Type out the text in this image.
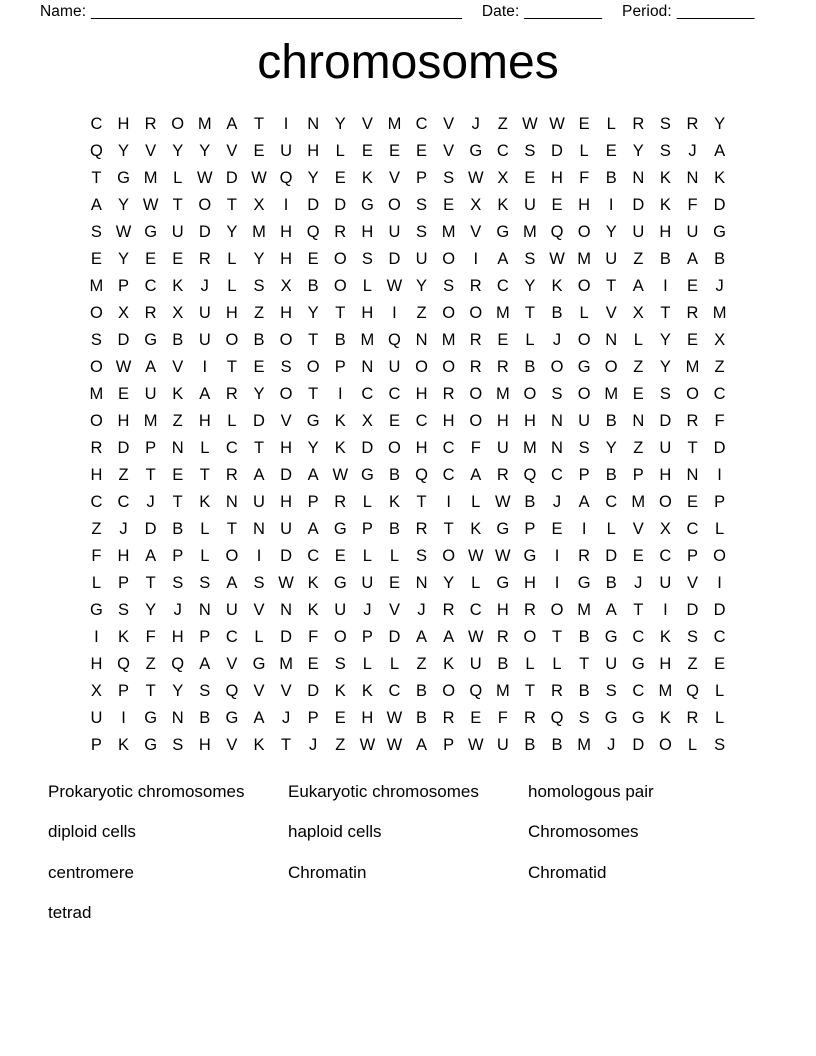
Name: ___________________________________________ Date: _________ Period: _________
chromosomes
C H R O M A	T	I	N Y V M C V	J	Z W W E	L	R S R Y
Q Y V Y Y V E U H	L	E E E V G C S D	L	E Y S	J	A
T G M L W D W Q Y E K V P S W X E H F	B N K N K
A Y W T O T	X	I	D D G O S E X K U E H	I	D K	F D
S W G U D Y M H Q R H U S M V G M Q O Y U H U G
E Y E E R	L	Y H E O S D U O	I	A S W M U Z	B A B
M P C K	J	L	S X B O L W Y S R C Y K O T	A	I	E	J
O X R X U H Z H Y	T H	I	Z O O M T	B	L	V X	T R M
S D G B U O B O T	B M Q N M R E	L	J	O N	L	Y E X
O W A V	I	T	E S O P N U O O R R B O G O Z	Y M Z
M E U K A R Y O T	I	C C H R O M O S O M E S O C
O H M Z H	L	D V G K X E C H O H H N U B N D R F
R D P N	L	C T H Y K D O H C F U M N S Y	Z U T D
H Z	T	E	T R A D A W G B Q C A R Q C P B P H N	I
C C	J	T	K N U H P R	L	K	T	I	L W B	J	A C M O E P
Z	J	D B	L	T N U A G P B R T	K G P E	I	L	V X C	L
F H A P	L O	I	D C E	L	L	S O W W G	I	R D E C P O
L	P	T	S S A S W K G U E N Y	L G H	I	G B	J	U V	I
G S Y	J	N U V N K U	J	V	J	R C H R O M A	T	I	D D
I	K	F H P C	L	D F O P D A A W R O T	B G C K S C
H Q Z Q A V G M E S	L	L	Z	K U B	L	L	T U G H Z	E
X P	T	Y S Q V V D K K C B O Q M T R B S C M Q L
U	I	G N B G A	J	P E H W B R E	F R Q S G G K R	L
P K G S H V K	T	J	Z W W A P W U B B M J	D O L	S
Prokaryotic chromosomes	Eukaryotic chromosomes	homologous pair
diploid cells	haploid cells	Chromosomes
centromere	Chromatin	Chromatid
tetrad
